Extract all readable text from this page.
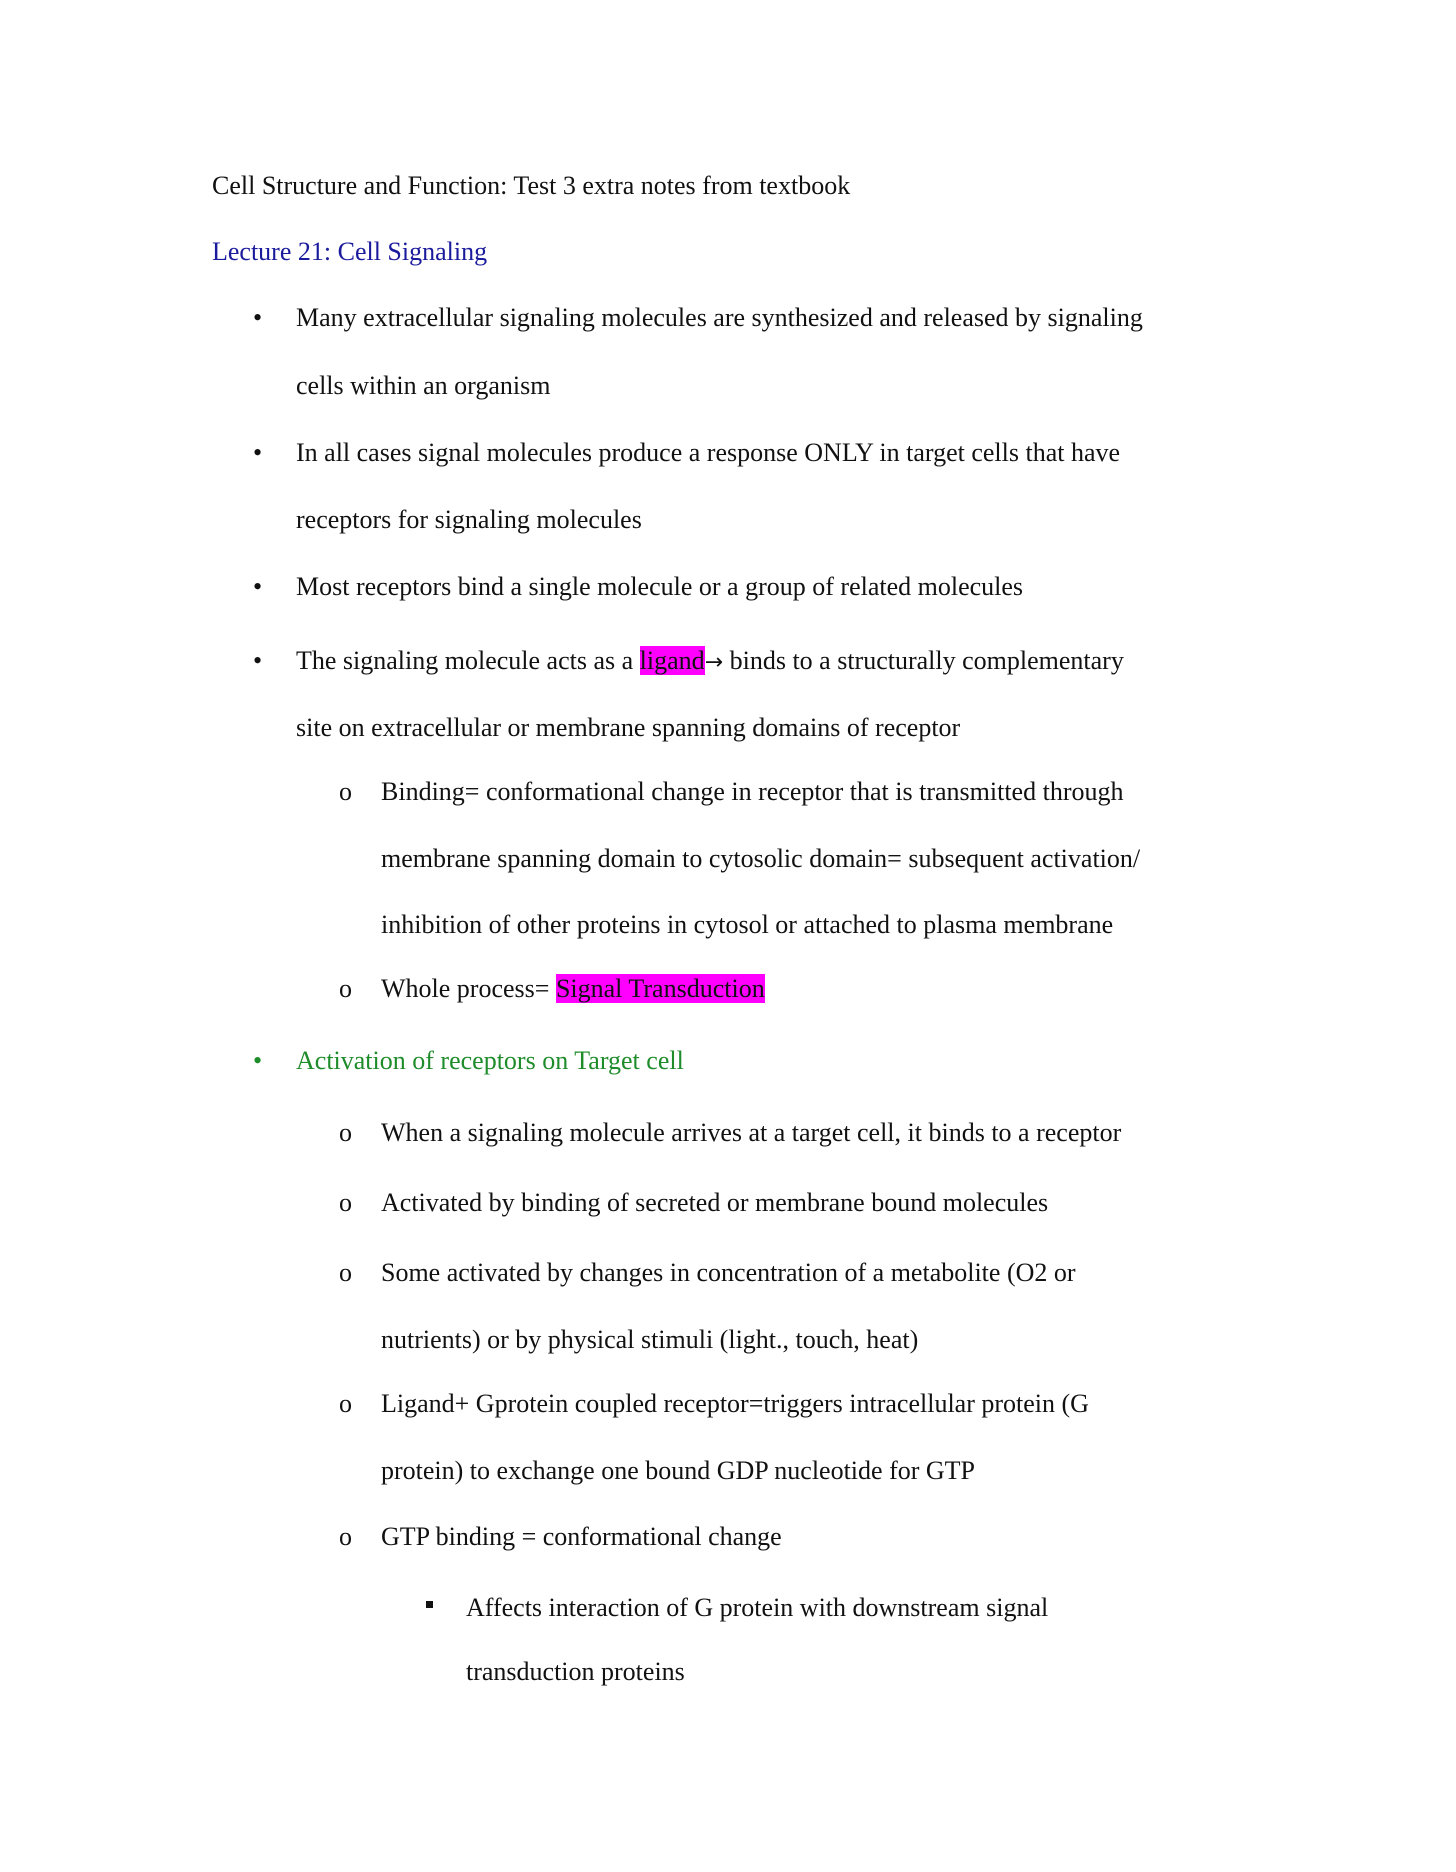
Cell Structure and Function: Test 3 extra notes from textbook
Lecture 21: Cell Signaling
• Many extracellular signaling molecules are synthesized and released by signaling
cells within an organism
• In all cases signal molecules produce a response ONLY in target cells that have
receptors for signaling molecules
• Most receptors bind a single molecule or a group of related molecules
• The signaling molecule acts as a ligand→ binds to a structurally complementary
site on extracellular or membrane spanning domains of receptor
o Binding= conformational change in receptor that is transmitted through
membrane spanning domain to cytosolic domain= subsequent activation/
inhibition of other proteins in cytosol or attached to plasma membrane
o Whole process= Signal Transduction
• Activation of receptors on Target cell
o When a signaling molecule arrives at a target cell, it binds to a receptor
o Activated by binding of secreted or membrane bound molecules
o Some activated by changes in concentration of a metabolite (O2 or
nutrients) or by physical stimuli (light., touch, heat)
o Ligand+ Gprotein coupled receptor=triggers intracellular protein (G
protein) to exchange one bound GDP nucleotide for GTP
o GTP binding = conformational change
Affects interaction of G protein with downstream signal
transduction proteins
